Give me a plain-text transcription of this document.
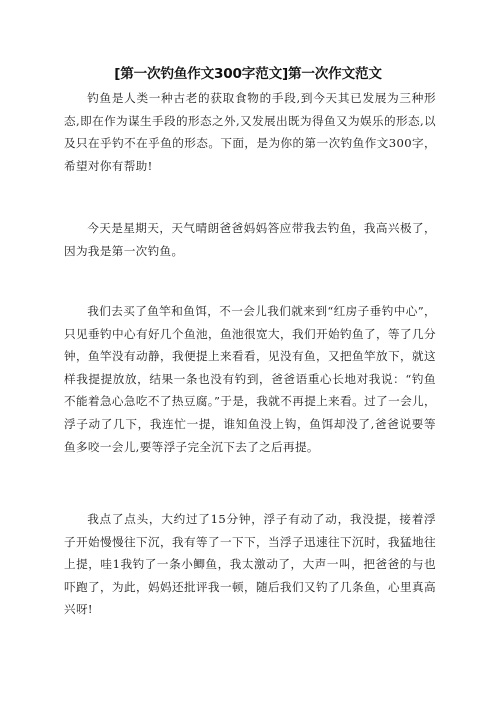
[第一次钓鱼作文300字范文]第一次作文范文

钓鱼是人类一种古老的获取食物的手段,到今天其已发展为三种形态,即在作为谋生手段的形态之外,又发展出既为得鱼又为娱乐的形态,以及只在乎钓不在乎鱼的形态。下面，是为你的第一次钓鱼作文300字，希望对你有帮助!

今天是星期天，天气晴朗爸爸妈妈答应带我去钓鱼，我高兴极了，因为我是第一次钓鱼。

我们去买了鱼竿和鱼饵，不一会儿我们就来到“红房子垂钓中心”，只见垂钓中心有好几个鱼池，鱼池很宽大，我们开始钓鱼了，等了几分钟，鱼竿没有动静，我便提上来看看，见没有鱼，又把鱼竿放下，就这样我提提放放，结果一条也没有钓到，爸爸语重心长地对我说：“钓鱼不能着急心急吃不了热豆腐。”于是，我就不再提上来看。过了一会儿，浮子动了几下，我连忙一提，谁知鱼没上钩，鱼饵却没了,爸爸说要等鱼多咬一会儿,要等浮子完全沉下去了之后再提。

我点了点头，大约过了15分钟，浮子有动了动，我没提，接着浮子开始慢慢往下沉，我有等了一下下，当浮子迅速往下沉时，我猛地往上提，哇1我钓了一条小鲫鱼，我太激动了，大声一叫，把爸爸的与也吓跑了，为此，妈妈还批评我一顿，随后我们又钓了几条鱼，心里真高兴呀!
